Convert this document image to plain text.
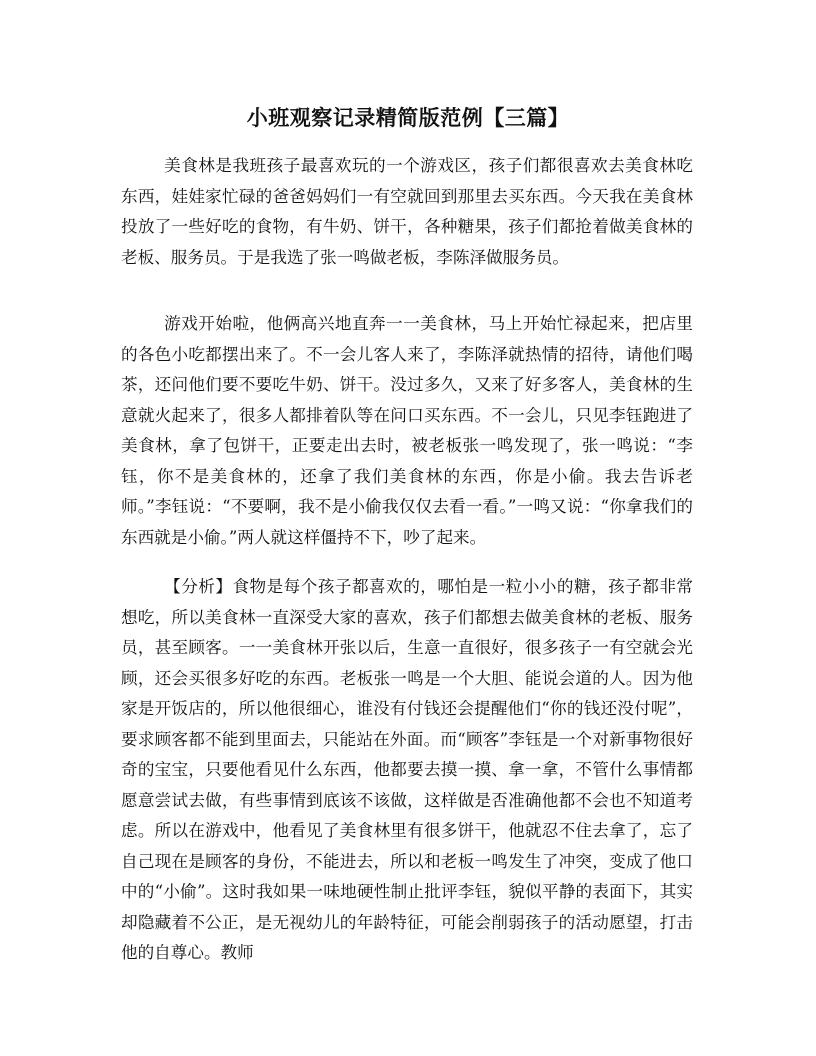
小班观察记录精简版范例【三篇】

美食林是我班孩子最喜欢玩的一个游戏区，孩子们都很喜欢去美食林吃东西，娃娃家忙碌的爸爸妈妈们一有空就回到那里去买东西。今天我在美食林投放了一些好吃的食物，有牛奶、饼干，各种糖果，孩子们都抢着做美食林的老板、服务员。于是我选了张一鸣做老板，李陈泽做服务员。

游戏开始啦，他俩高兴地直奔一一美食林，马上开始忙禄起来，把店里的各色小吃都摆出来了。不一会儿客人来了，李陈泽就热情的招待，请他们喝茶，还问他们要不要吃牛奶、饼干。没过多久，又来了好多客人，美食林的生意就火起来了，很多人都排着队等在问口买东西。不一会儿，只见李钰跑进了美食林，拿了包饼干，正要走出去时，被老板张一鸣发现了，张一鸣说：“李钰，你不是美食林的，还拿了我们美食林的东西，你是小偷。我去告诉老师。”李钰说：“不要啊，我不是小偷我仅仅去看一看。”一鸣又说：“你拿我们的东西就是小偷。”两人就这样僵持不下，吵了起来。

【分析】食物是每个孩子都喜欢的，哪怕是一粒小小的糖，孩子都非常想吃，所以美食林一直深受大家的喜欢，孩子们都想去做美食林的老板、服务员，甚至顾客。一一美食林开张以后，生意一直很好，很多孩子一有空就会光顾，还会买很多好吃的东西。老板张一鸣是一个大胆、能说会道的人。因为他家是开饭店的，所以他很细心，谁没有付钱还会提醒他们“你的钱还没付呢”，要求顾客都不能到里面去，只能站在外面。而“顾客”李钰是一个对新事物很好奇的宝宝，只要他看见什么东西，他都要去摸一摸、拿一拿，不管什么事情都愿意尝试去做，有些事情到底该不该做，这样做是否准确他都不会也不知道考虑。所以在游戏中，他看见了美食林里有很多饼干，他就忍不住去拿了，忘了自己现在是顾客的身份，不能进去，所以和老板一鸣发生了冲突，变成了他口中的“小偷”。这时我如果一味地硬性制止批评李钰，貌似平静的表面下，其实却隐藏着不公正，是无视幼儿的年龄特征，可能会削弱孩子的活动愿望，打击他的自尊心。教师
